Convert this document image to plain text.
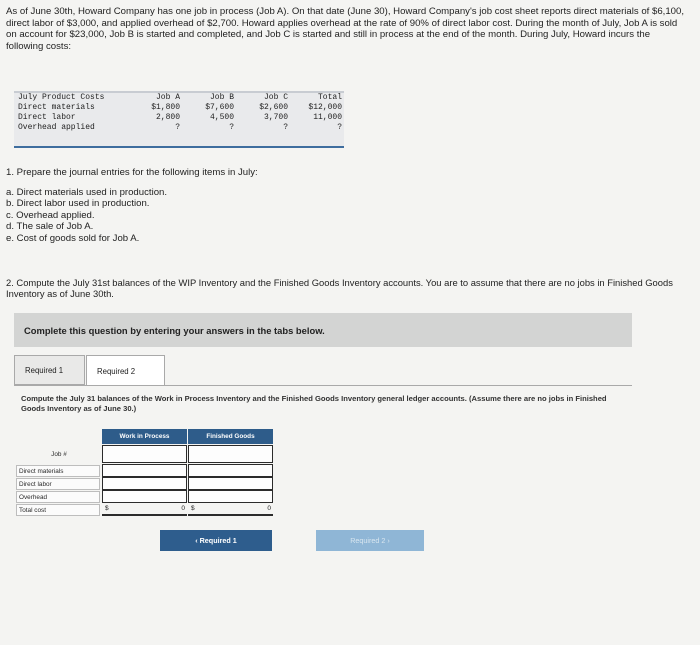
As of June 30th, Howard Company has one job in process (Job A). On that date (June 30), Howard Company's job cost sheet reports direct materials of $6,100, direct labor of $3,000, and applied overhead of $2,700. Howard applies overhead at the rate of 90% of direct labor cost. During the month of July, Job A is sold on account for $23,000, Job B is started and completed, and Job C is started and still in process at the end of the month. During July, Howard incurs the following costs:
July Product Costs	Job A	Job B	Job C	Total
Direct materials	$1,800	$7,600	$2,600	$12,000
Direct labor	2,800	4,500	3,700	11,000
Overhead applied	?	?	?	?
1. Prepare the journal entries for the following items in July:
a. Direct materials used in production.
b. Direct labor used in production.
c. Overhead applied.
d. The sale of Job A.
e. Cost of goods sold for Job A.
2. Compute the July 31st balances of the WIP Inventory and the Finished Goods Inventory accounts. You are to assume that there are no jobs in Finished Goods Inventory as of June 30th.
Complete this question by entering your answers in the tabs below.
Required 1	Required 2
Compute the July 31 balances of the Work in Process Inventory and the Finished Goods Inventory general ledger accounts. (Assume there are no jobs in Finished Goods Inventory as of June 30.)
Work in Process	Finished Goods
Job #
Direct materials
Direct labor
Overhead
Total cost	$	0 $	0
‹ Required 1	Required 2 ›
